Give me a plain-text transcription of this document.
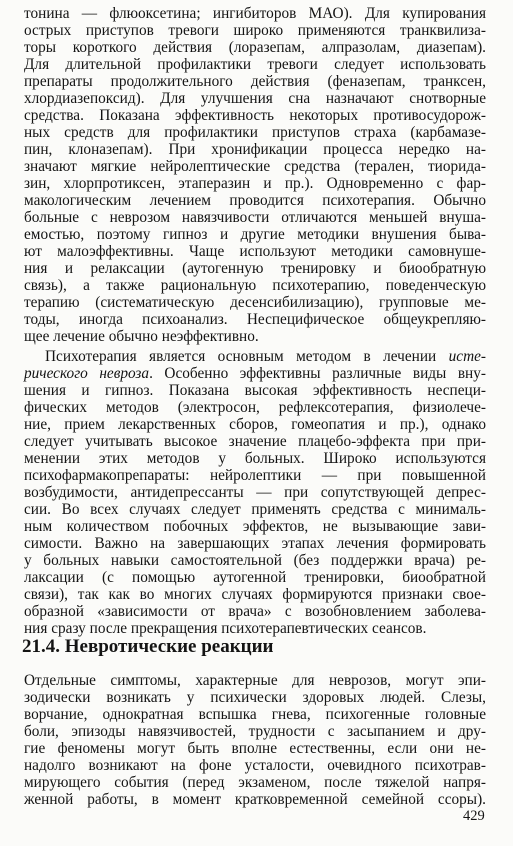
тонина — флюоксетина; ингибиторов МАО). Для купирования
острых приступов тревоги широко применяются транквилиза-
торы короткого действия (лоразепам, алпразолам, диазепам).
Для длительной профилактики тревоги следует использовать
препараты продолжительного действия (феназепам, транксен,
хлордиазепоксид). Для улучшения сна назначают снотворные
средства. Показана эффективность некоторых противосудорож-
ных средств для профилактики приступов страха (карбамазе-
пин, клоназепам). При хронификации процесса нередко на-
значают мягкие нейролептические средства (терален, тиорида-
зин, хлорпротиксен, этаперазин и пр.). Одновременно с фар-
макологическим лечением проводится психотерапия. Обычно
больные с неврозом навязчивости отличаются меньшей внуша-
емостью, поэтому гипноз и другие методики внушения быва-
ют малоэффективны. Чаще используют методики самовнуше-
ния и релаксации (аутогенную тренировку и биообратную
связь), а также рациональную психотерапию, поведенческую
терапию (систематическую десенсибилизацию), групповые ме-
тоды, иногда психоанализ. Неспецифическое общеукрепляю-
щее лечение обычно неэффективно.
Психотерапия является основным методом в лечении исте-
рического невроза. Особенно эффективны различные виды вну-
шения и гипноз. Показана высокая эффективность неспеци-
фических методов (электросон, рефлексотерапия, физиолече-
ние, прием лекарственных сборов, гомеопатия и пр.), однако
следует учитывать высокое значение плацебо-эффекта при при-
менении этих методов у больных. Широко используются
психофармакопрепараты: нейролептики — при повышенной
возбудимости, антидепрессанты — при сопутствующей депрес-
сии. Во всех случаях следует применять средства с минималь-
ным количеством побочных эффектов, не вызывающие зави-
симости. Важно на завершающих этапах лечения формировать
у больных навыки самостоятельной (без поддержки врача) ре-
лаксации (с помощью аутогенной тренировки, биообратной
связи), так как во многих случаях формируются признаки свое-
образной «зависимости от врача» с возобновлением заболева-
ния сразу после прекращения психотерапевтических сеансов.
21.4. Невротические реакции
Отдельные симптомы, характерные для неврозов, могут эпи-
зодически возникать у психически здоровых людей. Слезы,
ворчание, однократная вспышка гнева, психогенные головные
боли, эпизоды навязчивостей, трудности с засыпанием и дру-
гие феномены могут быть вполне естественны, если они не-
надолго возникают на фоне усталости, очевидного психотрав-
мирующего события (перед экзаменом, после тяжелой напря-
женной работы, в момент кратковременной семейной ссоры).
429
